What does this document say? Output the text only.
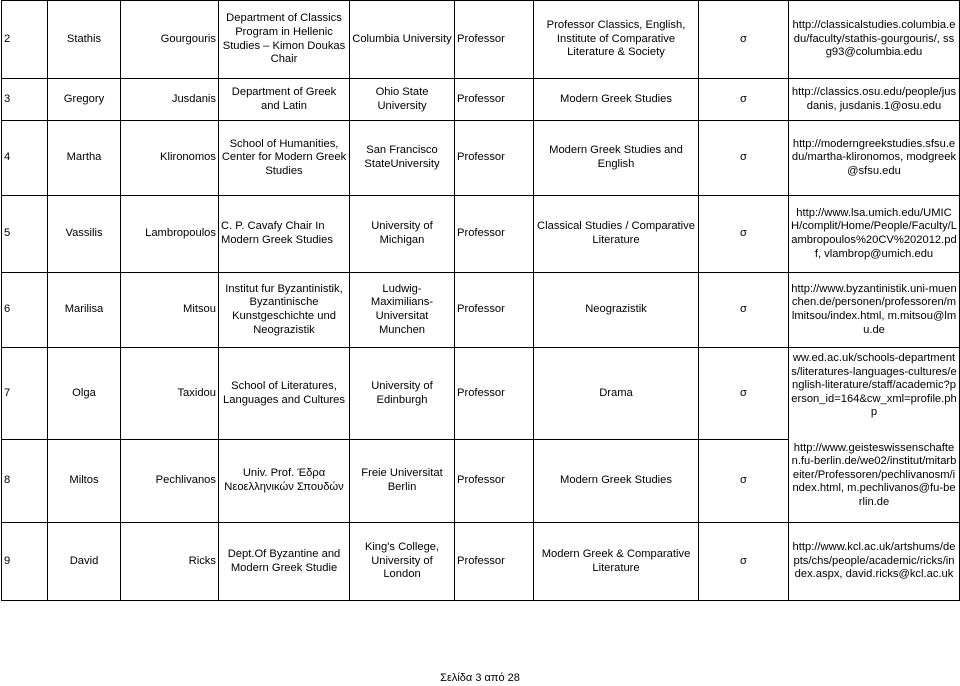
2	Stathis	Gourgouris	Department of Classics Program in Hellenic Studies – Kimon Doukas Chair	Columbia University	Professor	Professor Classics, English, Institute of Comparative Literature & Society	σ	http://classicalstudies.columbia.edu/faculty/stathis-gourgouris/, ssg93@columbia.edu
3	Gregory	Jusdanis	Department of Greek and Latin	Ohio State University	Professor	Modern Greek Studies	σ	http://classics.osu.edu/people/jusdanis, jusdanis.1@osu.edu
4	Martha	Klironomos	School of Humanities, Center for Modern Greek Studies	San Francisco StateUniversity	Professor	Modern Greek Studies and English	σ	http://moderngreekstudies.sfsu.edu/martha-klironomos, modgreek@sfsu.edu
5	Vassilis	Lambropoulos	C. P. Cavafy Chair In Modern Greek Studies	University of Michigan	Professor	Classical Studies / Comparative Literature	σ	http://www.lsa.umich.edu/UMICH/complit/Home/People/Faculty/Lambropoulos%20CV%202012.pdf, vlambrop@umich.edu
6	Marilisa	Mitsou	Institut fur Byzantinistik, Byzantinische Kunstgeschichte und Neograzistik	Ludwig-Maximilians-Universitat Munchen	Professor	Neograzistik	σ	http://www.byzantinistik.uni-muenchen.de/personen/professoren/mlmitsou/index.html, m.mitsou@lmu.de
7	Olga	Taxidou	School of Literatures, Languages and Cultures	University of Edinburgh	Professor	Drama	σ	ww.ed.ac.uk/schools-departments/literatures-languages-cultures/english-literature/staff/academic?person_id=164&cw_xml=profile.php
8	Miltos	Pechlivanos	Univ. Prof. Έδρα Νεοελληνικών Σπουδών	Freie Universitat Berlin	Professor	Modern Greek Studies	σ	http://www.geisteswissenschaften.fu-berlin.de/we02/institut/mitarbeiter/Professoren/pechlivanosm/index.html, m.pechlivanos@fu-berlin.de
9	David	Ricks	Dept.Of Byzantine and Modern Greek Studie	King's College, University of London	Professor	Modern Greek & Comparative Literature	σ	http://www.kcl.ac.uk/artshums/depts/chs/people/academic/ricks/index.aspx, david.ricks@kcl.ac.uk
Σελίδα 3 από 28
